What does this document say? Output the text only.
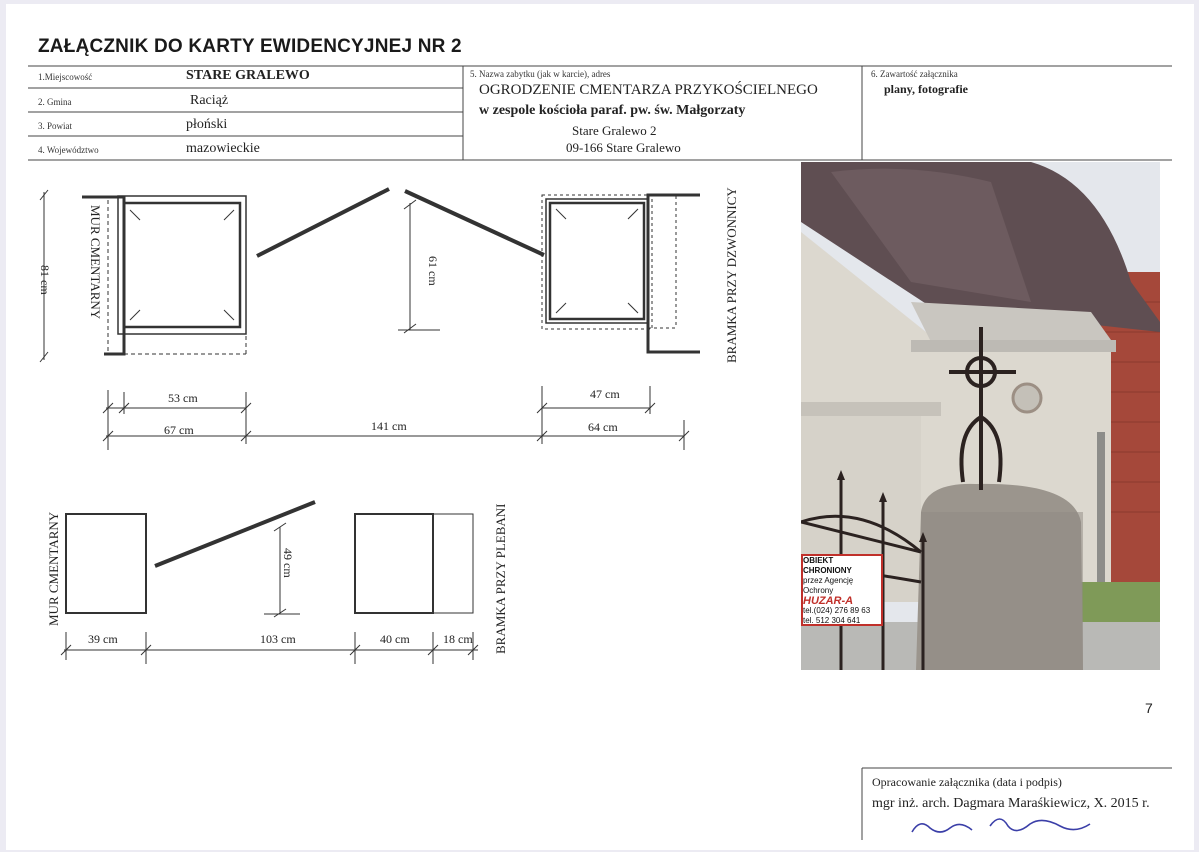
ZAŁĄCZNIK DO KARTY EWIDENCYJNEJ NR 2
1.Miejscowość	STARE GRALEWO
2. Gmina	Raciąż
3. Powiat	płoński
4. Województwo	mazowieckie
5. Nazwa zabytku (jak w karcie), adres
OGRODZENIE CMENTARZA PRZYKOŚCIELNEGO
w zespole kościoła paraf. pw. św. Małgorzaty
Stare Gralewo 2
09-166 Stare Gralewo
6. Zawartość załącznika
plany, fotografie
81 cm	MUR CMENTARNY	61 cm	BRAMKA PRZY DZWONNICY
53 cm
67 cm	141 cm
47 cm
64 cm
MUR CMENTARNY	49 cm	BRAMKA PRZY PLEBANI
39 cm	103 cm	40 cm	18 cm
OBIEKT CHRONIONY
przez Agencję Ochrony
HUZAR-A
tel.(024) 276 89 63
tel. 512 304 641
7
Opracowanie załącznika (data i podpis)
mgr inż. arch. Dagmara Maraśkiewicz, X. 2015 r.
